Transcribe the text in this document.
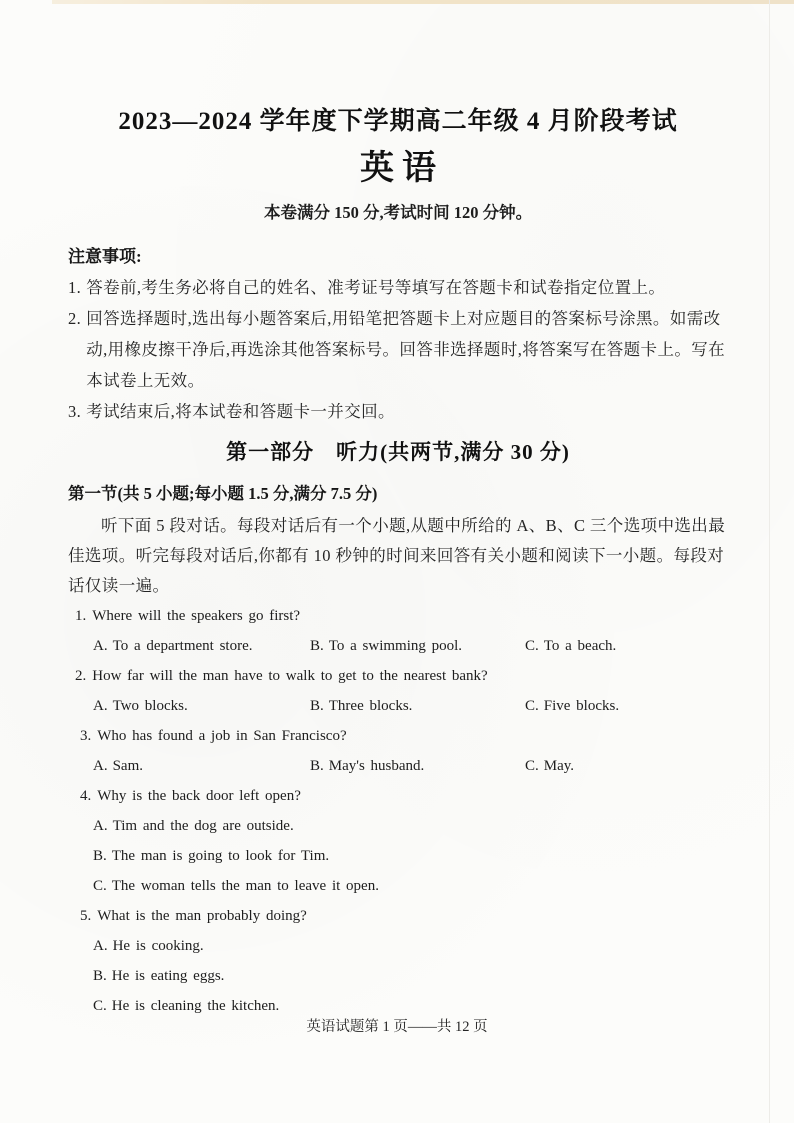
2023—2024 学年度下学期高二年级 4 月阶段考试
英语

本卷满分 150 分,考试时间 120 分钟。

注意事项:
1. 答卷前,考生务必将自己的姓名、准考证号等填写在答题卡和试卷指定位置上。
2. 回答选择题时,选出每小题答案后,用铅笔把答题卡上对应题目的答案标号涂黑。如需改动,用橡皮擦干净后,再选涂其他答案标号。回答非选择题时,将答案写在答题卡上。写在本试卷上无效。
3. 考试结束后,将本试卷和答题卡一并交回。
第一部分　听力(共两节,满分 30 分)
第一节(共 5 小题;每小题 1.5 分,满分 7.5 分)

听下面 5 段对话。每段对话后有一个小题,从题中所给的 A、B、C 三个选项中选出最佳选项。听完每段对话后,你都有 10 秒钟的时间来回答有关小题和阅读下一小题。每段对话仅读一遍。

1. Where will the speakers go first?
A. To a department store.	B. To a swimming pool.	C. To a beach.
2. How far will the man have to walk to get to the nearest bank?
A. Two blocks.	B. Three blocks.	C. Five blocks.
3. Who has found a job in San Francisco?
A. Sam.	B. May's husband.	C. May.
4. Why is the back door left open?
A. Tim and the dog are outside.
B. The man is going to look for Tim.
C. The woman tells the man to leave it open.
5. What is the man probably doing?
A. He is cooking.
B. He is eating eggs.
C. He is cleaning the kitchen.
英语试题第 1 页——共 12 页
